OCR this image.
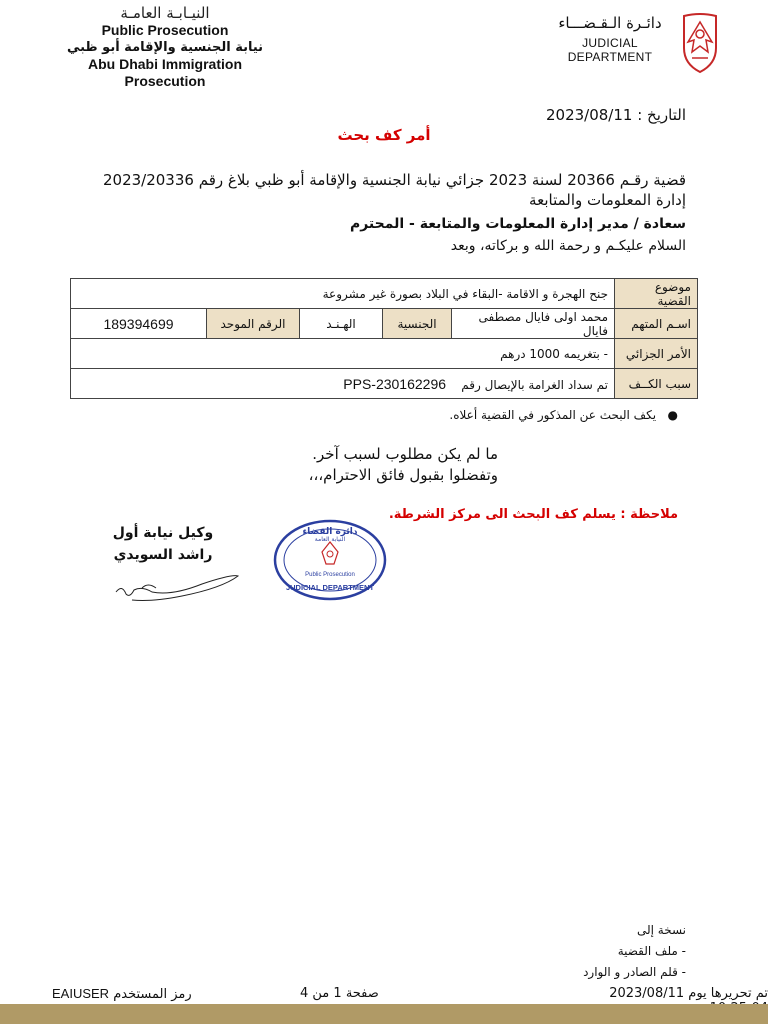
النيـابـة العامـة
Public Prosecution
نيابة الجنسية والإقامة أبو ظبي
Abu Dhabi Immigration
Prosecution
دائـرة الـقـضـــاء
JUDICIAL DEPARTMENT
التاريخ : 2023/08/11
أمر كف بحث
قضية رقـم 20366 لسنة 2023 جزائي نيابة الجنسية والإقامة أبو ظبي بلاغ رقم 2023/20336 إدارة المعلومات والمتابعة
سعادة / مدير إدارة المعلومات والمتابعة - المحترم
السلام عليكـم و رحمة الله و بركاته، وبعد
موضوع القضية	جنح الهجرة و الاقامة -البقاء في البلاد بصورة غير مشروعة				
اسـم المتهم	محمد اولى فايال مصطفى فايال	الجنسية	الهـنـد	الرقم الموحد	189394699
الأمر الجزائي	- بتغريمه 1000 درهم				
سبب الكــف	تم سداد الغرامة بالإيصال رقم    PPS-230162296				
●   يكف البحث عن المذكور في القضية أعلاه.
ما لم يكن مطلوب لسبب آخر.
وتفضلوا بقبول فائق الاحترام،،،
ملاحظة : يسلم كف البحث الى مركز الشرطة.
وكيل نيابة أول
راشد السويدي
دائرة القضاء
النيابة العامة
Public Prosecution
JUDICIAL DEPARTMENT
نسخة إلى
- ملف القضية
- قلم الصادر و الوارد
رمز المستخدم EAIUSER	صفحة 1 من 4	تم تحريرها يوم 2023/08/11
